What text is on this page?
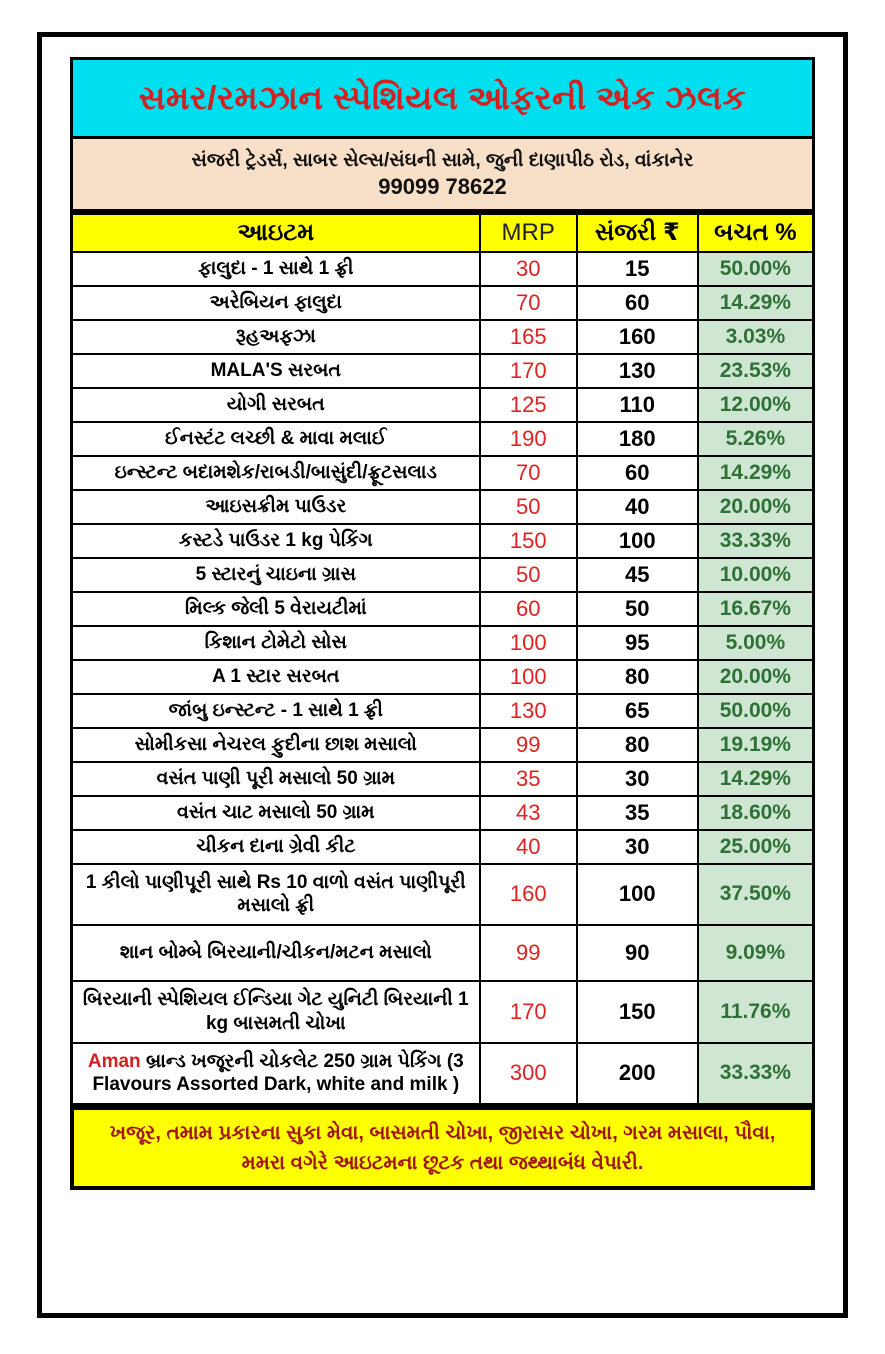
સમર/રમઝાન સ્પેશિયલ ઓફરની એક ઝલક
સંજરી ટ્રેડર્સ, સાબર સેલ્સ/સંઘની સામે, જુની દાણાપીઠ રોડ, વાંકાનેર
99099 78622
આઇટમ	MRP	સંજરી ₹	બચત %
ફાલુદા - 1 સાથે 1 ફ્રી	30	15	50.00%
અરેબિયન ફાલુદા	70	60	14.29%
રૂહઅફઝા	165	160	3.03%
MALA'S સરબત	170	130	23.53%
યોગી સરબત	125	110	12.00%
ઈનસ્ટંટ લચ્છી & માવા મલાઈ	190	180	5.26%
ઇન્સ્ટન્ટ બદામશેક/રાબડી/બાસુંદી/ફ્રૂટસલાડ	70	60	14.29%
આઇસક્રીમ પાઉડર	50	40	20.00%
કસ્ટડે પાઉડર 1 kg પેકિંગ	150	100	33.33%
5 સ્ટારનું ચાઇના ગ્રાસ	50	45	10.00%
મિલ્ક જેલી 5 વેરાયટીમાં	60	50	16.67%
કિશાન ટોમેટો સોસ	100	95	5.00%
A 1 સ્ટાર સરબત	100	80	20.00%
જાંબુ ઇન્સ્ટન્ટ - 1 સાથે 1 ફ્રી	130	65	50.00%
સોમીકસા નેચરલ ફુદીના છાશ મસાલો	99	80	19.19%
વસંત પાણી પૂરી મસાલો 50 ગ્રામ	35	30	14.29%
વસંત ચાટ મસાલો 50 ગ્રામ	43	35	18.60%
ચીકન દાના ગ્રેવી કીટ	40	30	25.00%
1 કીલો પાણીપૂરી સાથે Rs 10 વાળો વસંત પાણીપૂરી મસાલો ફ્રી	160	100	37.50%
શાન બોમ્બે બિરયાની/ચીકન/મટન મસાલો	99	90	9.09%
બિરયાની સ્પેશિયલ ઈન્ડિયા ગેટ યુનિટી બિરયાની 1 kg બાસમતી ચોખા	170	150	11.76%
Aman બ્રાન્ડ ખજૂરની ચોકલેટ 250 ગ્રામ પેકિંગ (3 Flavours Assorted Dark, white and milk )	300	200	33.33%

ખજૂર, તમામ પ્રકારના સુકા મેવા, બાસમતી ચોખા, જીરાસર ચોખા, ગરમ મસાલા, પૌવા, મમરા વગેરે આઇટમના છૂટક તથા જથ્થાબંધ વેપારી.
